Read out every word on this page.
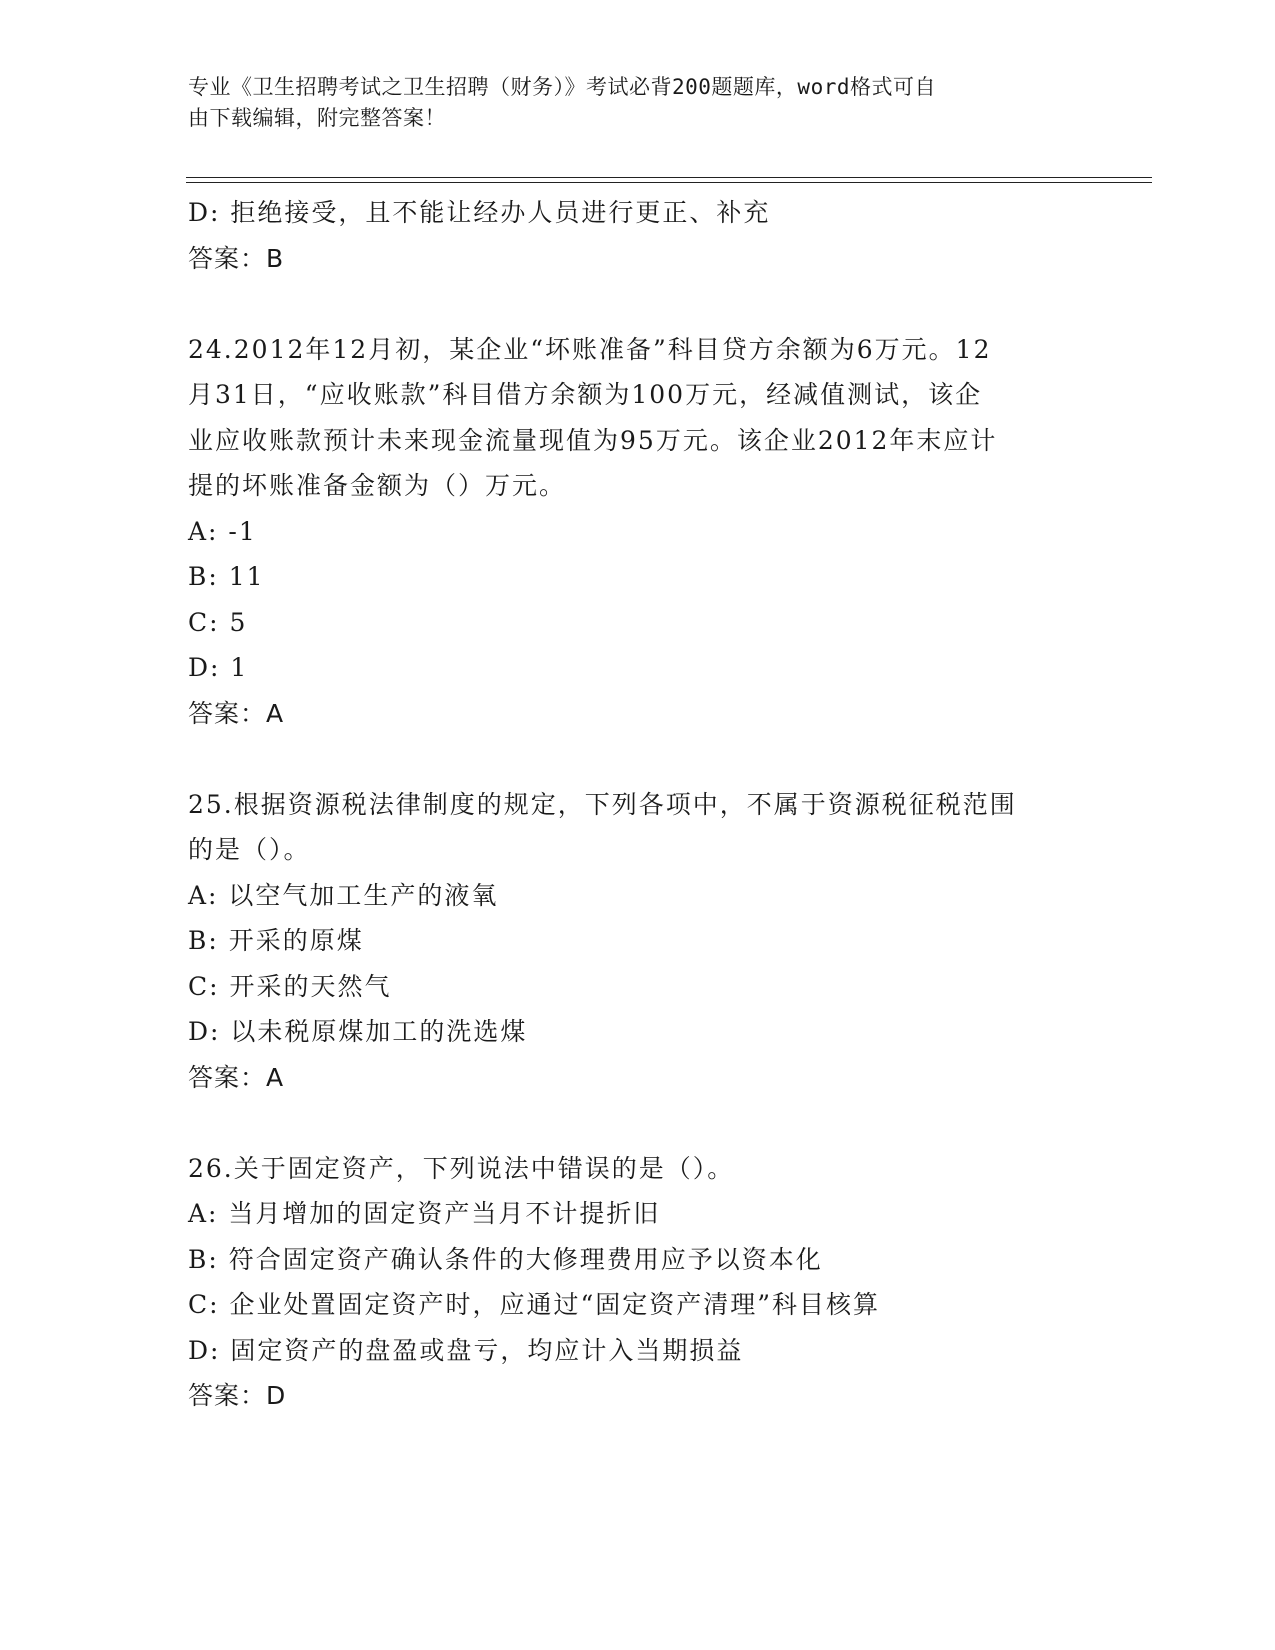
专业《卫生招聘考试之卫生招聘（财务）》考试必背200题题库，word格式可自
由下载编辑，附完整答案！
D: 拒绝接受，且不能让经办人员进行更正、补充
答案：B
24.2012年12月初，某企业“坏账准备”科目贷方余额为6万元。12
月31日，“应收账款”科目借方余额为100万元，经减值测试，该企
业应收账款预计未来现金流量现值为95万元。该企业2012年末应计
提的坏账准备金额为（）万元。
A: -1
B: 11
C: 5
D: 1
答案：A
25.根据资源税法律制度的规定，下列各项中，不属于资源税征税范围
的是（）。
A: 以空气加工生产的液氧
B: 开采的原煤
C: 开采的天然气
D: 以未税原煤加工的洗选煤
答案：A
26.关于固定资产，下列说法中错误的是（）。
A: 当月增加的固定资产当月不计提折旧
B: 符合固定资产确认条件的大修理费用应予以资本化
C: 企业处置固定资产时，应通过“固定资产清理”科目核算
D: 固定资产的盘盈或盘亏，均应计入当期损益
答案：D
